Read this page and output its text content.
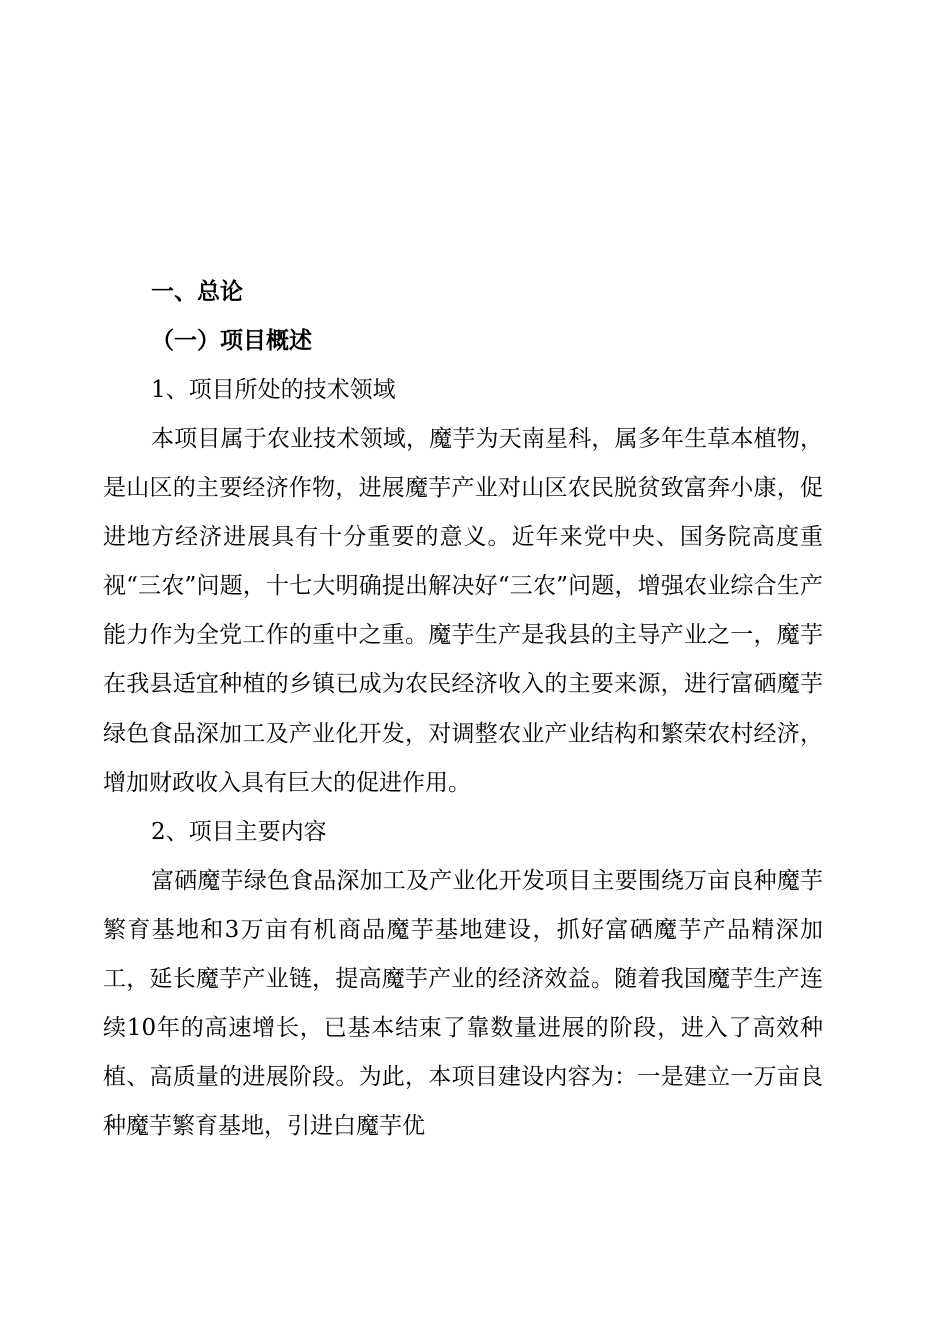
一、总论
（一）项目概述
1、项目所处的技术领域

本项目属于农业技术领域，魔芋为天南星科，属多年生草本植物，是山区的主要经济作物，进展魔芋产业对山区农民脱贫致富奔小康，促进地方经济进展具有十分重要的意义。近年来党中央、国务院高度重视“三农”问题，十七大明确提出解决好“三农”问题，增强农业综合生产能力作为全党工作的重中之重。魔芋生产是我县的主导产业之一，魔芋在我县适宜种植的乡镇已成为农民经济收入的主要来源，进行富硒魔芋绿色食品深加工及产业化开发，对调整农业产业结构和繁荣农村经济，增加财政收入具有巨大的促进作用。

2、项目主要内容

富硒魔芋绿色食品深加工及产业化开发项目主要围绕万亩良种魔芋繁育基地和3万亩有机商品魔芋基地建设，抓好富硒魔芋产品精深加工，延长魔芋产业链，提高魔芋产业的经济效益。随着我国魔芋生产连续10年的高速增长，已基本结束了靠数量进展的阶段，进入了高效种植、高质量的进展阶段。为此，本项目建设内容为：一是建立一万亩良种魔芋繁育基地，引进白魔芋优
